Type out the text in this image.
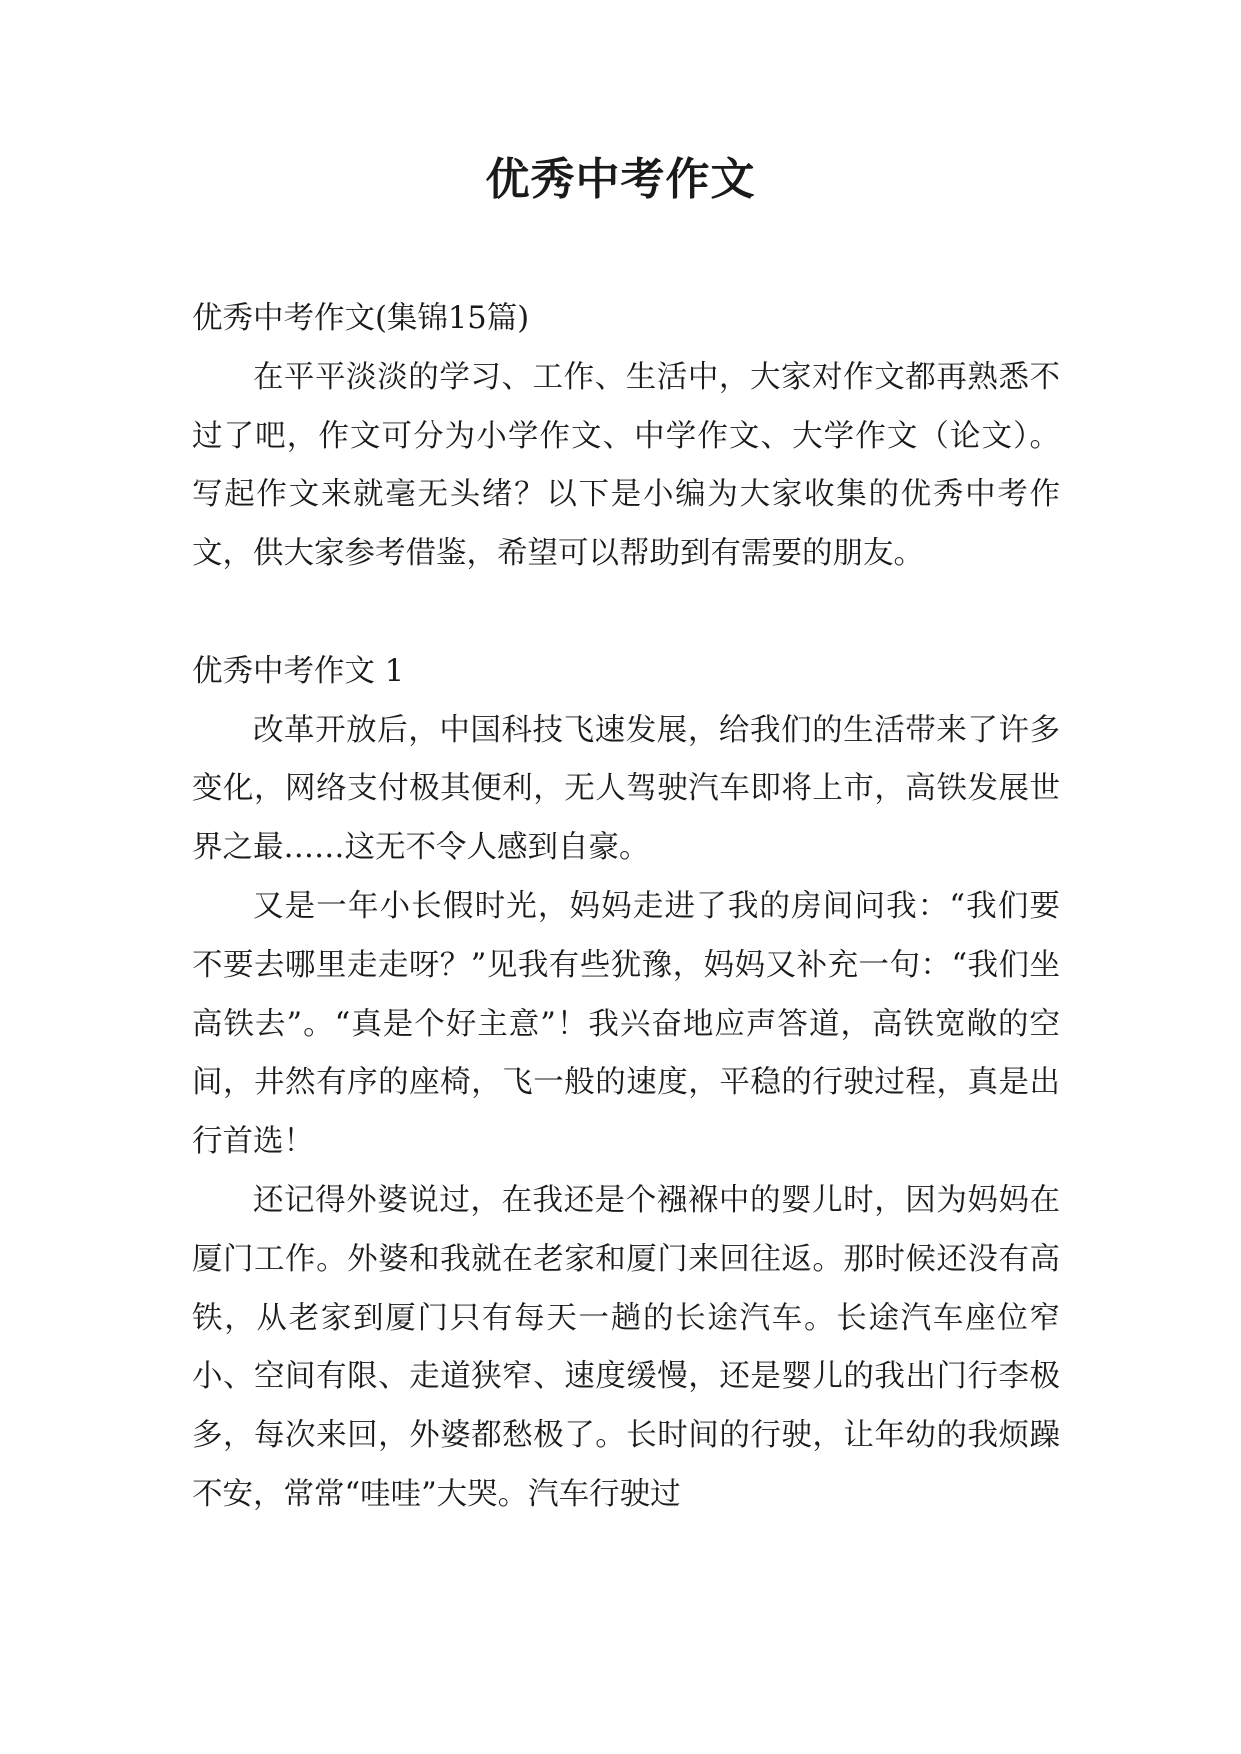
优秀中考作文

优秀中考作文(集锦15篇)

在平平淡淡的学习、工作、生活中，大家对作文都再熟悉不过了吧，作文可分为小学作文、中学作文、大学作文（论文）。写起作文来就毫无头绪？以下是小编为大家收集的优秀中考作文，供大家参考借鉴，希望可以帮助到有需要的朋友。

优秀中考作文 1

改革开放后，中国科技飞速发展，给我们的生活带来了许多变化，网络支付极其便利，无人驾驶汽车即将上市，高铁发展世界之最……这无不令人感到自豪。

又是一年小长假时光，妈妈走进了我的房间问我：“我们要不要去哪里走走呀？”见我有些犹豫，妈妈又补充一句：“我们坐高铁去”。“真是个好主意”！我兴奋地应声答道，高铁宽敞的空间，井然有序的座椅，飞一般的速度，平稳的行驶过程，真是出行首选！

还记得外婆说过，在我还是个襁褓中的婴儿时，因为妈妈在厦门工作。外婆和我就在老家和厦门来回往返。那时候还没有高铁，从老家到厦门只有每天一趟的长途汽车。长途汽车座位窄小、空间有限、走道狭窄、速度缓慢，还是婴儿的我出门行李极多，每次来回，外婆都愁极了。长时间的行驶，让年幼的我烦躁不安，常常“哇哇”大哭。汽车行驶过
